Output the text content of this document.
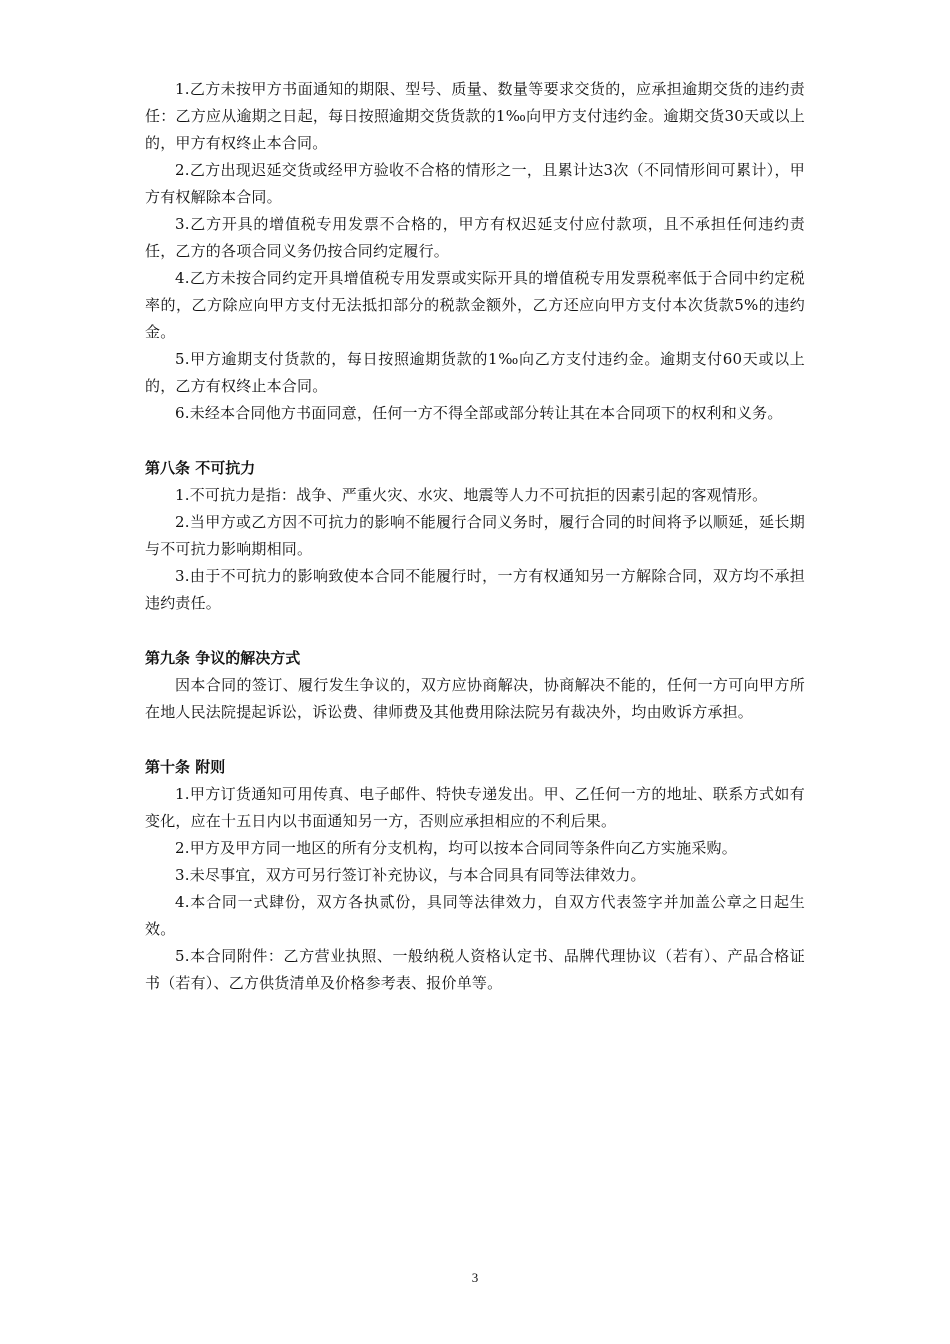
1.乙方未按甲方书面通知的期限、型号、质量、数量等要求交货的，应承担逾期交货的违约责任：乙方应从逾期之日起，每日按照逾期交货货款的1‰向甲方支付违约金。逾期交货30天或以上的，甲方有权终止本合同。

2.乙方出现迟延交货或经甲方验收不合格的情形之一，且累计达3次（不同情形间可累计），甲方有权解除本合同。

3.乙方开具的增值税专用发票不合格的，甲方有权迟延支付应付款项，且不承担任何违约责任，乙方的各项合同义务仍按合同约定履行。

4.乙方未按合同约定开具增值税专用发票或实际开具的增值税专用发票税率低于合同中约定税率的，乙方除应向甲方支付无法抵扣部分的税款金额外，乙方还应向甲方支付本次货款5%的违约金。

5.甲方逾期支付货款的，每日按照逾期货款的1‰向乙方支付违约金。逾期支付60天或以上的，乙方有权终止本合同。

6.未经本合同他方书面同意，任何一方不得全部或部分转让其在本合同项下的权利和义务。

第八条 不可抗力

1.不可抗力是指：战争、严重火灾、水灾、地震等人力不可抗拒的因素引起的客观情形。

2.当甲方或乙方因不可抗力的影响不能履行合同义务时，履行合同的时间将予以顺延，延长期与不可抗力影响期相同。

3.由于不可抗力的影响致使本合同不能履行时，一方有权通知另一方解除合同，双方均不承担违约责任。

第九条 争议的解决方式

因本合同的签订、履行发生争议的，双方应协商解决，协商解决不能的，任何一方可向甲方所在地人民法院提起诉讼，诉讼费、律师费及其他费用除法院另有裁决外，均由败诉方承担。

第十条 附则

1.甲方订货通知可用传真、电子邮件、特快专递发出。甲、乙任何一方的地址、联系方式如有变化，应在十五日内以书面通知另一方，否则应承担相应的不利后果。

2.甲方及甲方同一地区的所有分支机构，均可以按本合同同等条件向乙方实施采购。

3.未尽事宜，双方可另行签订补充协议，与本合同具有同等法律效力。

4.本合同一式肆份，双方各执贰份，具同等法律效力，自双方代表签字并加盖公章之日起生效。

5.本合同附件：乙方营业执照、一般纳税人资格认定书、品牌代理协议（若有）、产品合格证书（若有）、乙方供货清单及价格参考表、报价单等。

3
